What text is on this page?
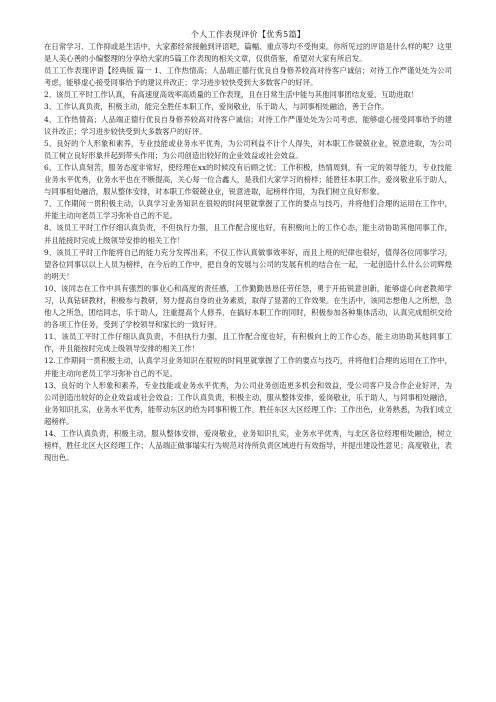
个人工作表现评价【优秀5篇】

在日常学习、工作抑或是生活中，大家都经常接触到评语吧，篇幅、重点等均不受拘束。你所见过的评语是什么样的呢？这里是人美心善的小编整理的分享给大家的5篇工作表现的相关文章，仅供借鉴，希望对大家有所启发。

员工工作表现评语【经典版 篇一 1、工作热情高；人品端正德行优良自身修养较高对待客户诚信；对待工作严谨处处为公司考虑，能够虚心接受同事给予的建议并改正；学习进步较快受到大多数客户的好评。

2、该员工平时工作认真，有高速度高效率高质量的工作表现，且在日常生活中能与其他同事团结友爱，互助进取！

3、工作认真负责，积极主动，能完全胜任本职工作，爱岗敬业，乐于助人，与同事相处融洽，善于合作。

4、工作热情高；人品端正德行优良自身修养较高对待客户诚信；对待工作严谨处处为公司考虑，能够虚心接受同事给予的建议并改正；学习进步较快受到大多数客户的好评。

5、良好的个人形象和素养，专业技能或业务水平优秀，为公司利益不计个人得失，对本职工作兢兢业业，锐意进取，为公司员工树立良好形象并起到带头作用；为公司创造出较好的企业效益或社会效益。

6、工作认真刻苦，服务态度非常好，使经理在xx的时候没有后顾之忧；工作积极，热情周到，有一定的领导能力，专业技能业务水平优秀，业务水平也在不断提高，关心每一位合鑫人，是我们大家学习的榜样；能胜任本职工作，爱岗敬业乐于助人，与同事相处融洽，服从整体安排，对本职工作兢兢业业，锐意进取，起榜样作用，为我们树立良好形象。

7、工作期间一贯积极主动，认真学习业务知识在很短的时间里就掌握了工作的要点与技巧，并将他们合理的运用在工作中，并能主动向老员工学习弥补自己的不足。

8、该员工平时工作仔细认真负责，不但执行力强，且工作配合度也好，有积极向上的工作心态，能主动协助其他同事工作，并且能接时完成上级领导安排的相关工作！

9、该员工平时工作能将自己的能力充分发挥出来，不仅工作认真做事效率好，而且上班的纪律也很好，值得各位同事学习，望各位同事以以上人员为榜样，在今后的工作中，把自身的发展与公司的发展有机的结合在一起，一起创造什么什么公司辉煌的明天！

10、该同志在工作中具有强烈的事业心和高度的责任感，工作勤勤恳恳任劳任怨，勇于开拓锐意创新，能够虚心向老教师学习，认真钻研教材，积极参与教研，努力提高自身的业务素质，取得了显著的工作效果。在生活中，该同志想他人之所想，急他人之所急，团结同志，乐于助人，注重提高个人修养，在搞好本职工作的同时，积极参加各种集体活动，认真完成组织交给的各项工作任务，受到了学校领导和家长的一致好评。

11、该员工平时工作仔细认真负责，不但执行力强，且工作配合度也好，有积极向上的工作心态，能主动协助其他同事工作，并且能按时完成上级领导安排的相关工作！

12.工作期间一贯积极主动，认真学习业务知识在很短的时间里就掌握了工作的要点与技巧，并将他们合理的运用在工作中，并能主动向老员工学习弥补自己的不足。

13、良好的个人形象和素养，专业技能或业务水平优秀，为公司业务创造更多机会和效益，受公司客户及合作企业好评，为公司创造出较好的企业效益或社会效益；工作认真负责，积极主动，服从整体安排，爱岗敬业，乐于助人，与同事相处融洽，业务知识扎实，业务水平优秀，能带动东区的给为同事积极工作，胜任东区大区经理工作；工作出色，业务熟悉，为我们成立超榜样。

14、工作认真负责，积极主动，服从整体安排，爱岗敬业，业务知识扎实，业务水平优秀，与北区各位经理相处融洽，树立榜样，胜任北区大区经理工作；人品端正做事塌实行为规范对待所负责区域进行有效指导，并提出建设性意见；高度敬业，表现出色。
